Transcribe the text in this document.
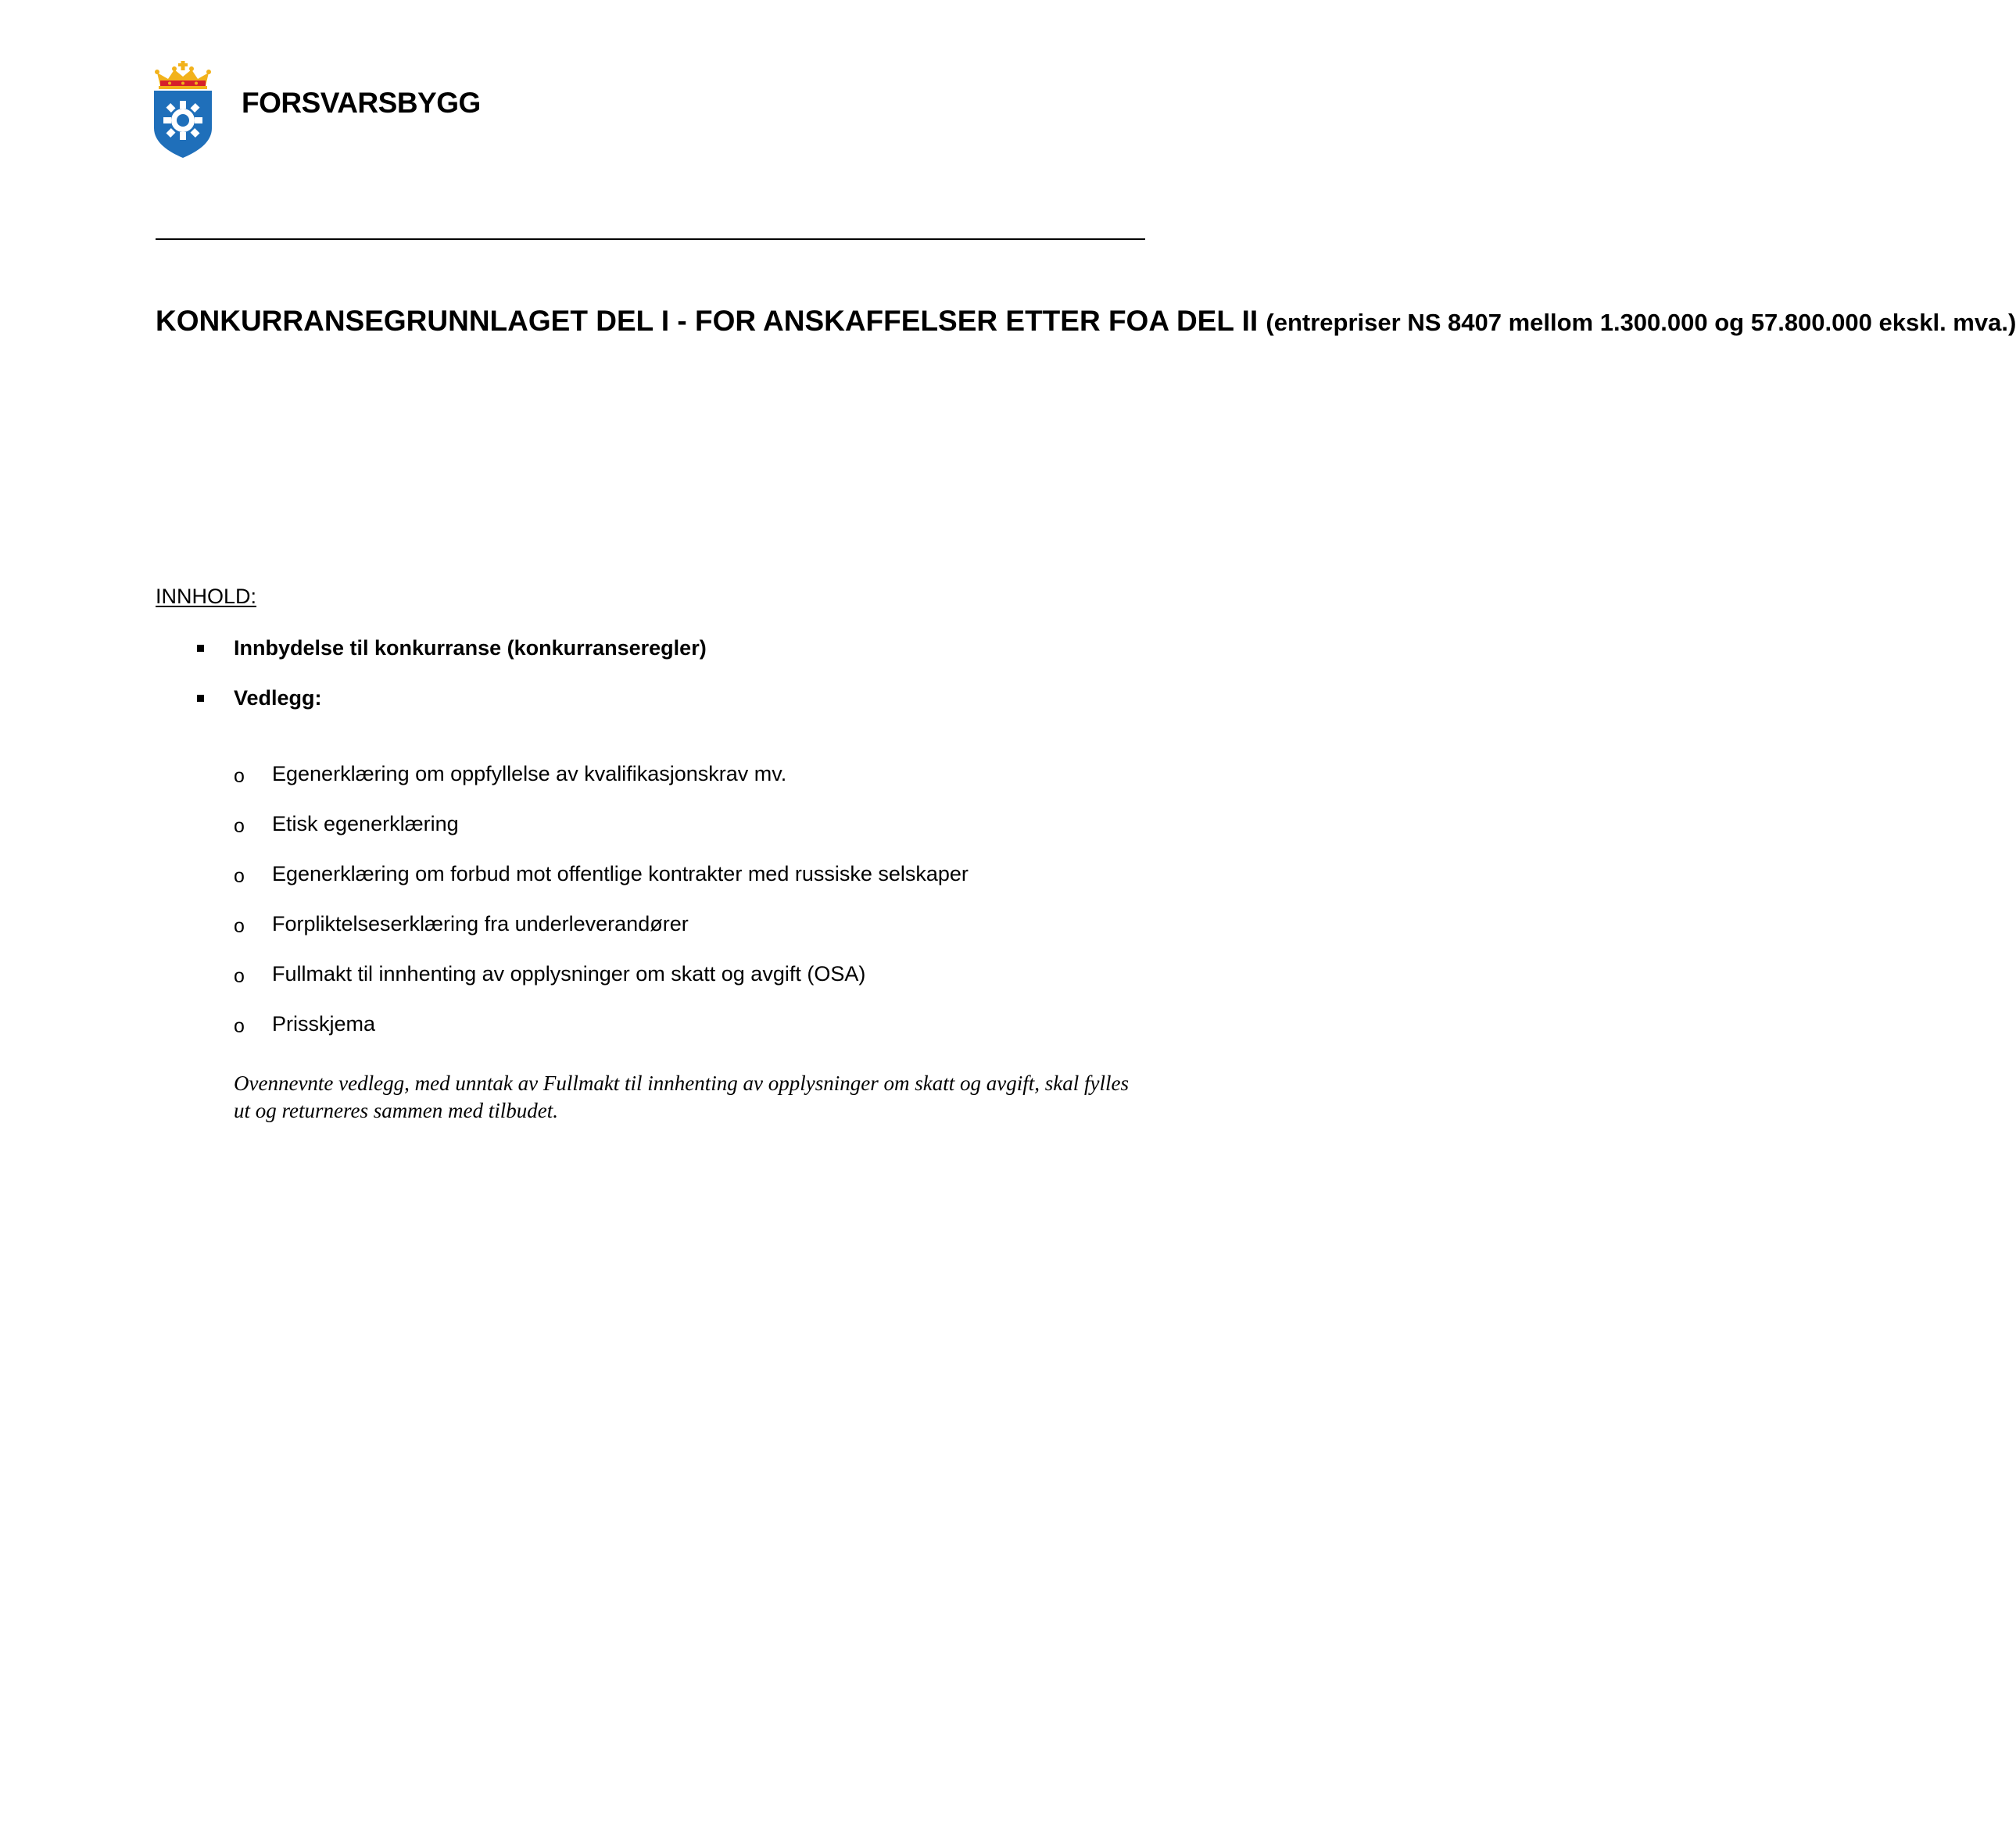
FORSVARSBYGG
KONKURRANSEGRUNNLAGET DEL I - FOR ANSKAFFELSER ETTER FOA DEL II (entrepriser NS 8407 mellom 1.300.000 og 57.800.000 ekskl. mva.)
INNHOLD:
Innbydelse til konkurranse (konkurranseregler)
Vedlegg:
o Egenerklæring om oppfyllelse av kvalifikasjonskrav mv.
o Etisk egenerklæring
o Egenerklæring om forbud mot offentlige kontrakter med russiske selskaper
o Forpliktelseserklæring fra underleverandører
o Fullmakt til innhenting av opplysninger om skatt og avgift (OSA)
o Prisskjema

Ovennevnte vedlegg, med unntak av Fullmakt til innhenting av opplysninger om skatt og avgift, skal fylles ut og returneres sammen med tilbudet.
